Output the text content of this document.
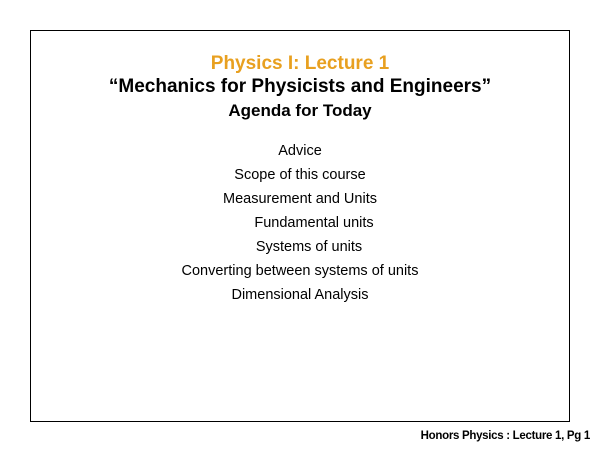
Physics I: Lecture 1
“Mechanics for Physicists and Engineers”
Agenda for Today
Advice
Scope of this course
Measurement and Units
Fundamental units
Systems of units
Converting between systems of units
Dimensional Analysis
Honors Physics : Lecture 1, Pg 1
